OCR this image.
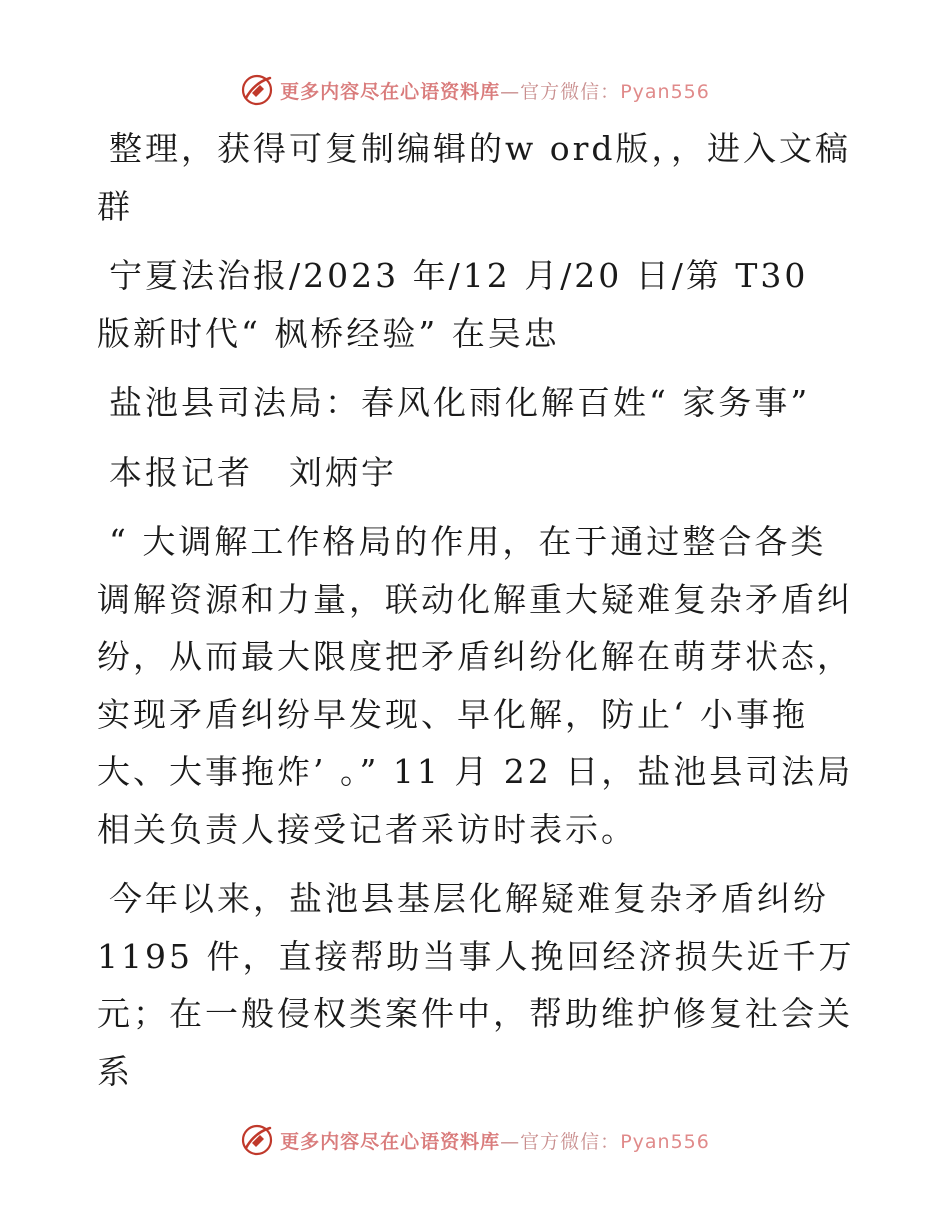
更多内容尽在心语资料库—官方微信：Pyan556

整理，获得可复制编辑的w ord版，，进入文稿群

宁夏法治报/2023 年/12 月/20 日/第 T30 版新时代“ 枫桥经验” 在吴忠

盐池县司法局：春风化雨化解百姓“ 家务事”

本报记者　刘炳宇

“ 大调解工作格局的作用，在于通过整合各类调解资源和力量，联动化解重大疑难复杂矛盾纠纷，从而最大限度把矛盾纠纷化解在萌芽状态，实现矛盾纠纷早发现、早化解，防止‘ 小事拖大、大事拖炸’ 。” 11 月 22 日，盐池县司法局相关负责人接受记者采访时表示。

今年以来，盐池县基层化解疑难复杂矛盾纠纷 1195 件，直接帮助当事人挽回经济损失近千万元；在一般侵权类案件中，帮助维护修复社会关系

更多内容尽在心语资料库—官方微信：Pyan556
